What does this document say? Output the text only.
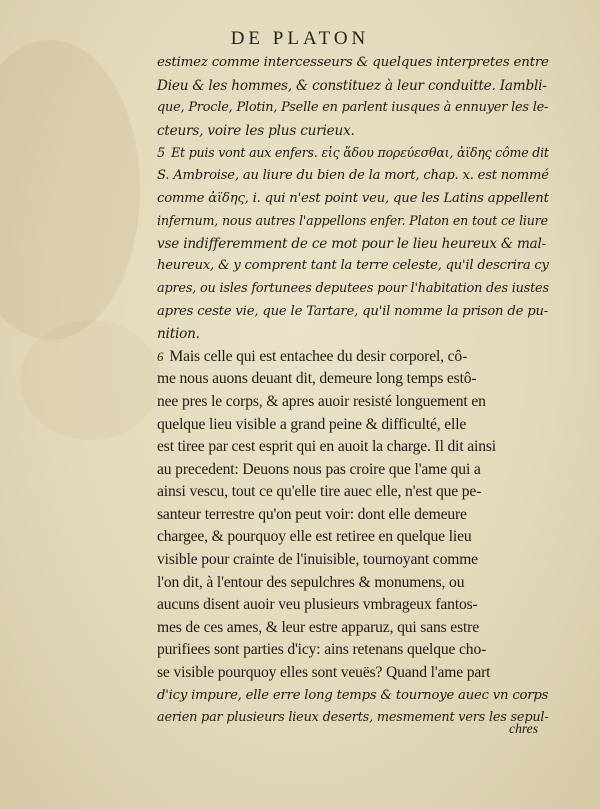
DE PLATON
estimez comme intercesseurs & quelques interpretes entre
Dieu & les hommes, & constituez à leur conduitte. Iambli-
que, Procle, Plotin, Pselle en parlent iusques à ennuyer les le-
cteurs, voire les plus curieux.
5 Et puis vont aux enfers. εἰς ἅδου πορεύεσθαι, ἀϊδης côme dit
S. Ambroise, au liure du bien de la mort, chap. x. est nommé
comme ἀϊδης, i. qui n'est point veu, que les Latins appellent
infernum, nous autres l'appellons enfer. Platon en tout ce liure
vse indifferemment de ce mot pour le lieu heureux & mal-
heureux, & y comprent tant la terre celeste, qu'il descrira cy
apres, ou isles fortunees deputees pour l'habitation des iustes
apres ceste vie, que le Tartare, qu'il nomme la prison de pu-
nition.
6 Mais celle qui est entachee du desir corporel, cô-
me nous auons deuant dit, demeure long temps estô-
nee pres le corps, & apres auoir resisté longuement en
quelque lieu visible a grand peine & difficulté, elle
est tiree par cest esprit qui en auoit la charge. Il dit ainsi
au precedent: Deuons nous pas croire que l'ame qui a
ainsi vescu, tout ce qu'elle tire auec elle, n'est que pe-
santeur terrestre qu'on peut voir: dont elle demeure
chargee, & pourquoy elle est retiree en quelque lieu
visible pour crainte de l'inuisible, tournoyant comme
l'on dit, à l'entour des sepulchres & monumens, ou
aucuns disent auoir veu plusieurs vmbrageux fantos-
mes de ces ames, & leur estre apparuz, qui sans estre
purifiees sont parties d'icy: ains retenans quelque cho-
se visible pourquoy elles sont veuës? Quand l'ame part
d'icy impure, elle erre long temps & tournoye auec vn corps
aerien par plusieurs lieux deserts, mesmement vers les sepul-
chres
